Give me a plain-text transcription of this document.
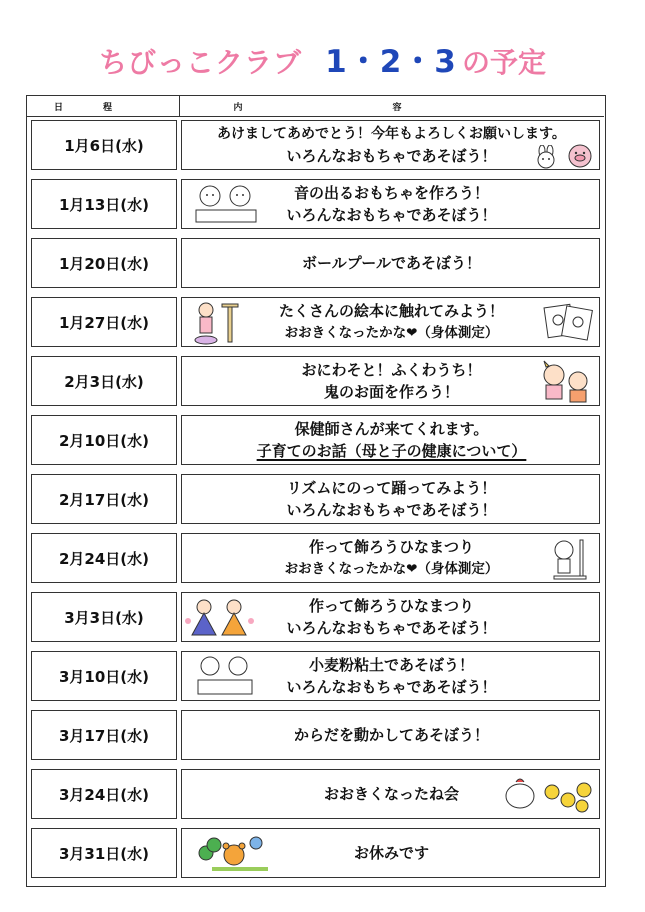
ちびっこクラブ 1・2・3 の予定
日程	内容
1月6日(水)
あけましてあめでとう！今年もよろしくお願いします。
いろんなおもちゃであそぼう！
1月13日(水)
音の出るおもちゃを作ろう！
いろんなおもちゃであそぼう！
1月20日(水)	ボールプールであそぼう！
1月27日(水)
たくさんの絵本に触れてみよう！
おおきくなったかな❤（身体測定）
2月3日(水)
おにわそと！ふくわうち！
鬼のお面を作ろう！
2月10日(水)
保健師さんが来てくれます。
子育てのお話（母と子の健康について）
2月17日(水)
リズムにのって踊ってみよう！
いろんなおもちゃであそぼう！
2月24日(水)
作って飾ろうひなまつり
おおきくなったかな❤（身体測定）
3月3日(水)
作って飾ろうひなまつり
いろんなおもちゃであそぼう！
3月10日(水)
小麦粉粘土であそぼう！
いろんなおもちゃであそぼう！
3月17日(水)	からだを動かしてあそぼう！
3月24日(水)	おおきくなったね会
3月31日(水)	お休みです
